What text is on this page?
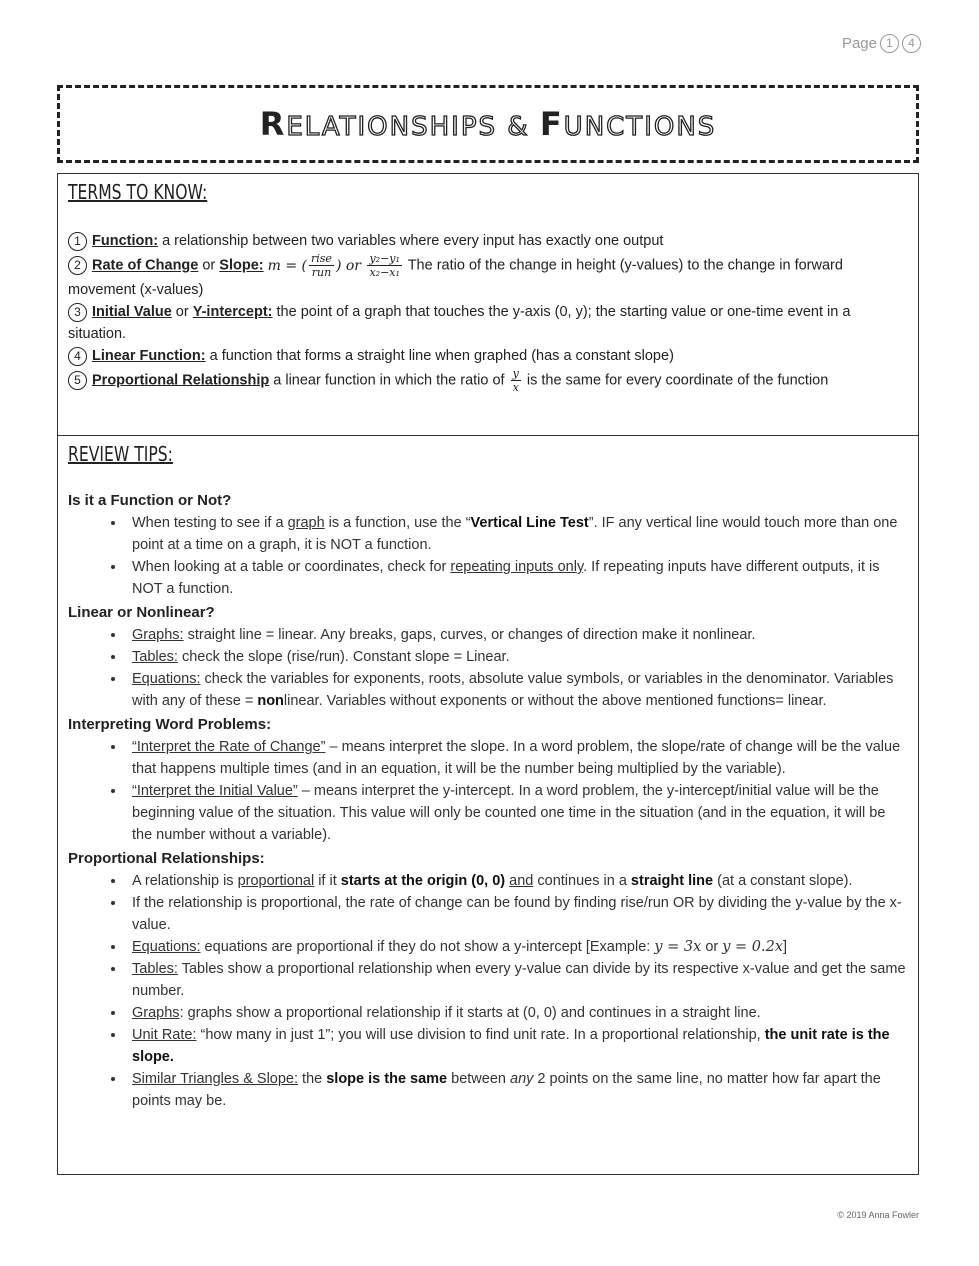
Page 1	4
RELATIONSHIPS & FUNCTIONS
TERMS TO KNOW:
1 Function: a relationship between two variables where every input has exactly one output
2 Rate of Change or Slope: m = ( $\frac{\text{rise}}{\text{run}}$ ) or $\frac{\text{y₂−y₁}}{\text{x₂−x₁}}$ The ratio of the change in height (y-values) to the change in forward movement (x-values)
3 Initial Value or Y-intercept: the point of a graph that touches the y-axis (0, y); the starting value or one-time event in a situation.
4 Linear Function: a function that forms a straight line when graphed (has a constant slope)
5 Proportional Relationship a linear function in which the ratio of $\frac{y}{x}$ is the same for every coordinate of the function
REVIEW TIPS:
Is it a Function or Not?
• When testing to see if a graph is a function, use the “Vertical Line Test”. IF any vertical line would touch more than one point at a time on a graph, it is NOT a function.
• When looking at a table or coordinates, check for repeating inputs only. If repeating inputs have different outputs, it is NOT a function.
Linear or Nonlinear?
• Graphs: straight line = linear. Any breaks, gaps, curves, or changes of direction make it nonlinear.
• Tables: check the slope (rise/run). Constant slope = Linear.
• Equations: check the variables for exponents, roots, absolute value symbols, or variables in the denominator. Variables with any of these = nonlinear. Variables without exponents or without the above mentioned functions= linear.
Interpreting Word Problems:
• “Interpret the Rate of Change” – means interpret the slope. In a word problem, the slope/rate of change will be the value that happens multiple times (and in an equation, it will be the number being multiplied by the variable).
• “Interpret the Initial Value” – means interpret the y-intercept. In a word problem, the y-intercept/initial value will be the beginning value of the situation. This value will only be counted one time in the situation (and in the equation, it will be the number without a variable).
Proportional Relationships:
• A relationship is proportional if it starts at the origin (0, 0) and continues in a straight line (at a constant slope).
• If the relationship is proportional, the rate of change can be found by finding rise/run OR by dividing the y-value by the x-value.
• Equations: equations are proportional if they do not show a y-intercept [Example: y = 3x or y = 0.2x]
• Tables: Tables show a proportional relationship when every y-value can divide by its respective x-value and get the same number.
• Graphs: graphs show a proportional relationship if it starts at (0, 0) and continues in a straight line.
• Unit Rate: “how many in just 1”; you will use division to find unit rate. In a proportional relationship, the unit rate is the slope.
• Similar Triangles & Slope: the slope is the same between any 2 points on the same line, no matter how far apart the points may be.
© 2019 Anna Fowler
